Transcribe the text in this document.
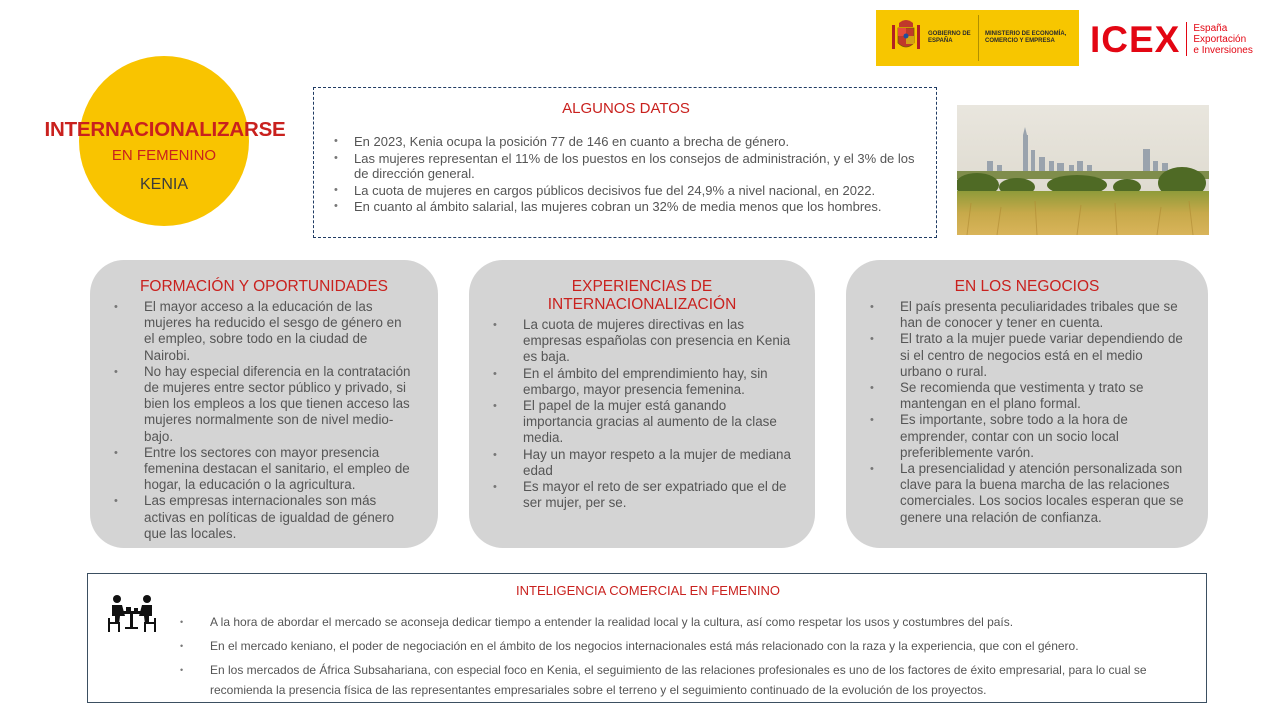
GOBIERNO DE ESPAÑA
MINISTERIO DE ECONOMÍA, COMERCIO Y EMPRESA ICEX España
Exportación
e Inversiones
INTERNACIONALIZARSE
EN FEMENINO
KENIA
ALGUNOS DATOS
• En 2023, Kenia ocupa la posición 77 de 146 en cuanto a brecha de género.
• Las mujeres representan el 11% de los puestos en los consejos de administración, y el 3% de los de dirección general.
• La cuota de mujeres en cargos públicos decisivos fue del 24,9% a nivel nacional, en 2022.
• En cuanto al ámbito salarial, las mujeres cobran un 32% de media menos que los hombres.
FORMACIÓN Y OPORTUNIDADES
• El mayor acceso a la educación de las mujeres ha reducido el sesgo de género en el empleo, sobre todo en la ciudad de Nairobi.
• No hay especial diferencia en la contratación de mujeres entre sector público y privado, si bien los empleos a los que tienen acceso las mujeres normalmente son de nivel medio-bajo.
• Entre los sectores con mayor presencia femenina destacan el sanitario, el empleo de hogar, la educación o la agricultura.
• Las empresas internacionales son más activas en políticas de igualdad de género que las locales.
EXPERIENCIAS DE
INTERNACIONALIZACIÓN
• La cuota de mujeres directivas en las empresas españolas con presencia en Kenia es baja.
• En el ámbito del emprendimiento hay, sin embargo, mayor presencia femenina.
• El papel de la mujer está ganando importancia gracias al aumento de la clase media.
• Hay un mayor respeto a la mujer de mediana edad
• Es mayor el reto de ser expatriado que el de ser mujer, per se.
EN LOS NEGOCIOS
• El país presenta peculiaridades tribales que se han de conocer y tener en cuenta.
• El trato a la mujer puede variar dependiendo de si el centro de negocios está en el medio urbano o rural.
• Se recomienda que vestimenta y trato se mantengan en el plano formal.
• Es importante, sobre todo a la hora de emprender, contar con un socio local preferiblemente varón.
• La presencialidad y atención personalizada son clave para la buena marcha de las relaciones comerciales. Los socios locales esperan que se genere una relación de confianza.
INTELIGENCIA COMERCIAL EN FEMENINO
• A la hora de abordar el mercado se aconseja dedicar tiempo a entender la realidad local y la cultura, así como respetar los usos y costumbres del país.
• En el mercado keniano, el poder de negociación en el ámbito de los negocios internacionales está más relacionado con la raza y la experiencia, que con el género.
• En los mercados de África Subsahariana, con especial foco en Kenia, el seguimiento de las relaciones profesionales es uno de los factores de éxito empresarial, para lo cual se recomienda la presencia física de las representantes empresariales sobre el terreno y el seguimiento continuado de la evolución de los proyectos.
